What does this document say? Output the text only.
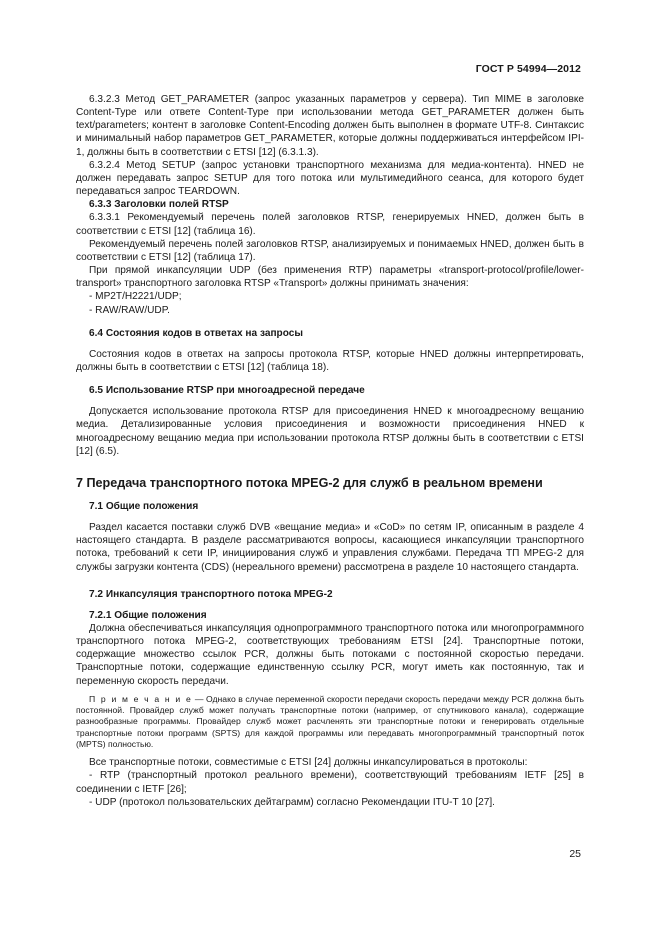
ГОСТ Р 54994—2012

6.3.2.3 Метод GET_PARAMETER (запрос указанных параметров у сервера). Тип MIME в заголовке Content-Type или ответе Content-Type при использовании метода GET_PARAMETER должен быть text/parameters; контент в заголовке Content-Encoding должен быть выполнен в формате UTF-8. Синтаксис и минимальный набор параметров GET_PARAMETER, которые должны поддерживаться интерфейсом IPI-1, должны быть в соответствии с ETSI [12] (6.3.1.3).

6.3.2.4 Метод SETUP (запрос установки транспортного механизма для медиа-контента). HNED не должен передавать запрос SETUP для того потока или мультимедийного сеанса, для которого будет передаваться запрос TEARDOWN.

6.3.3 Заголовки полей RTSP

6.3.3.1 Рекомендуемый перечень полей заголовков RTSP, генерируемых HNED, должен быть в соответствии с ETSI [12] (таблица 16).

Рекомендуемый перечень полей заголовков RTSP, анализируемых и понимаемых HNED, должен быть в соответствии с ETSI [12] (таблица 17).

При прямой инкапсуляции UDP (без применения RTP) параметры «transport-protocol/profile/lower-transport» транспортного заголовка RTSP «Transport» должны принимать значения:

- MP2T/H2221/UDP;

- RAW/RAW/UDP.

6.4 Состояния кодов в ответах на запросы

Состояния кодов в ответах на запросы протокола RTSP, которые HNED должны интерпретировать, должны быть в соответствии с ETSI [12] (таблица 18).

6.5 Использование RTSP при многоадресной передаче

Допускается использование протокола RTSP для присоединения HNED к многоадресному вещанию медиа. Детализированные условия присоединения и возможности присоединения HNED к многоадресному вещанию медиа при использовании протокола RTSP должны быть в соответствии с ETSI [12] (6.5).

7 Передача транспортного потока MPEG-2 для служб в реальном времени

7.1 Общие положения

Раздел касается поставки служб DVB «вещание медиа» и «CoD» по сетям IP, описанным в разделе 4 настоящего стандарта. В разделе рассматриваются вопросы, касающиеся инкапсуляции транспортного потока, требований к сети IP, инициирования служб и управления службами. Передача ТП MPEG-2 для службы загрузки контента (CDS) (нереального времени) рассмотрена в разделе 10 настоящего стандарта.

7.2 Инкапсуляция транспортного потока MPEG-2

7.2.1 Общие положения

Должна обеспечиваться инкапсуляция однопрограммного транспортного потока или многопрограммного транспортного потока MPEG-2, соответствующих требованиям ETSI [24]. Транспортные потоки, содержащие множество ссылок PCR, должны быть потоками с постоянной скоростью передачи. Транспортные потоки, содержащие единственную ссылку PCR, могут иметь как постоянную, так и переменную скорость передачи.

П р и м е ч а н и е — Однако в случае переменной скорости передачи скорость передачи между PCR должна быть постоянной. Провайдер служб может получать транспортные потоки (например, от спутникового канала), содержащие разнообразные программы. Провайдер служб может расчленять эти транспортные потоки и генерировать отдельные транспортные потоки программ (SPTS) для каждой программы или передавать многопрограммный транспортный поток (MPTS) полностью.

Все транспортные потоки, совместимые с ETSI [24] должны инкапсулироваться в протоколы:

- RTP (транспортный протокол реального времени), соответствующий требованиям IETF [25] в соединении с IETF [26];

- UDP (протокол пользовательских дейтаграмм) согласно Рекомендации ITU-T 10 [27].

25
